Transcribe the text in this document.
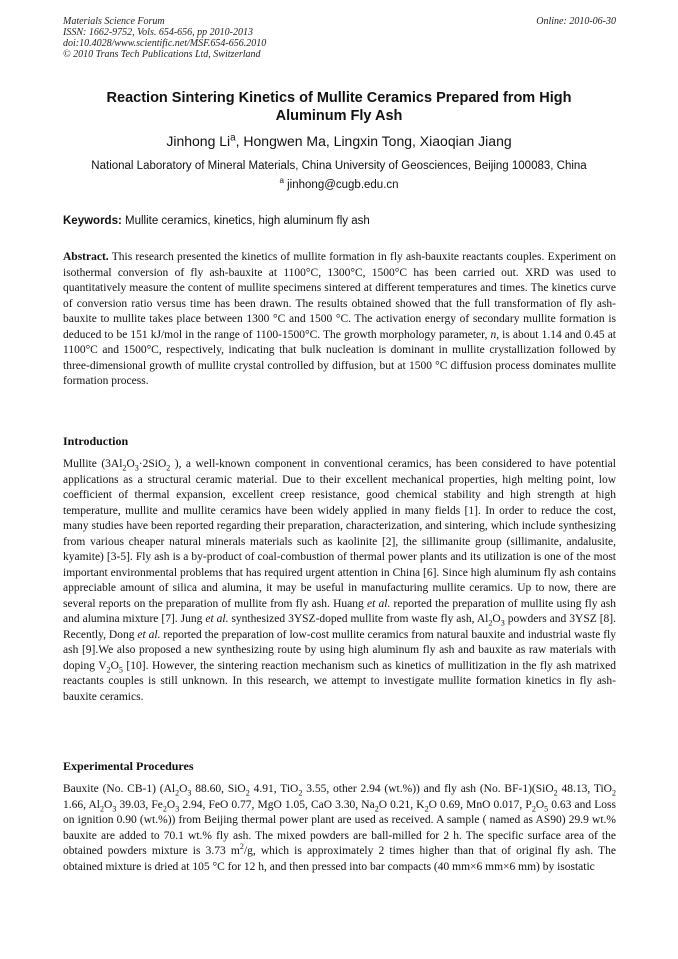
Materials Science Forum
ISSN: 1662-9752, Vols. 654-656, pp 2010-2013
doi:10.4028/www.scientific.net/MSF.654-656.2010
© 2010 Trans Tech Publications Ltd, Switzerland
Online: 2010-06-30
Reaction Sintering Kinetics of Mullite Ceramics Prepared from High Aluminum Fly Ash
Jinhong Li$^a$, Hongwen Ma, Lingxin Tong, Xiaoqian Jiang
National Laboratory of Mineral Materials, China University of Geosciences, Beijing 100083, China
$^a$ jinhong@cugb.edu.cn
Keywords: Mullite ceramics, kinetics, high aluminum fly ash
Abstract. This research presented the kinetics of mullite formation in fly ash-bauxite reactants couples. Experiment on isothermal conversion of fly ash-bauxite at 1100°C, 1300°C, 1500°C has been carried out. XRD was used to quantitatively measure the content of mullite specimens sintered at different temperatures and times. The kinetics curve of conversion ratio versus time has been drawn. The results obtained showed that the full transformation of fly ash-bauxite to mullite takes place between 1300 °C and 1500 °C. The activation energy of secondary mullite formation is deduced to be 151 kJ/mol in the range of 1100-1500°C. The growth morphology parameter, n, is about 1.14 and 0.45 at 1100°C and 1500°C, respectively, indicating that bulk nucleation is dominant in mullite crystallization followed by three-dimensional growth of mullite crystal controlled by diffusion, but at 1500 °C diffusion process dominates mullite formation process.
Introduction
Mullite ($3Al_2O_3\cdot 2SiO_2$ ), a well-known component in conventional ceramics, has been considered to have potential applications as a structural ceramic material. Due to their excellent mechanical properties, high melting point, low coefficient of thermal expansion, excellent creep resistance, good chemical stability and high strength at high temperature, mullite and mullite ceramics have been widely applied in many fields [1]. In order to reduce the cost, many studies have been reported regarding their preparation, characterization, and sintering, which include synthesizing from various cheaper natural minerals materials such as kaolinite [2], the sillimanite group (sillimanite, andalusite, kyamite) [3-5]. Fly ash is a by-product of coal-combustion of thermal power plants and its utilization is one of the most important environmental problems that has required urgent attention in China [6]. Since high aluminum fly ash contains appreciable amount of silica and alumina, it may be useful in manufacturing mullite ceramics. Up to now, there are several reports on the preparation of mullite from fly ash. Huang et al. reported the preparation of mullite using fly ash and alumina mixture [7]. Jung et al. synthesized 3YSZ-doped mullite from waste fly ash, $Al_2O_3$ powders and 3YSZ [8]. Recently, Dong et al. reported the preparation of low-cost mullite ceramics from natural bauxite and industrial waste fly ash [9].We also proposed a new synthesizing route by using high aluminum fly ash and bauxite as raw materials with doping $V_2O_5$ [10]. However, the sintering reaction mechanism such as kinetics of mullitization in the fly ash matrixed reactants couples is still unknown. In this research, we attempt to investigate mullite formation kinetics in fly ash-bauxite ceramics.
Experimental Procedures
Bauxite (No. CB-1) ($Al_2O_3$ 88.60, SiO$_2$ 4.91, TiO$_2$ 3.55, other 2.94 (wt.%)) and fly ash (No. BF-1)(SiO$_2$ 48.13, TiO$_2$ 1.66, $Al_2O_3$ 39.03, $Fe_2O_3$ 2.94, FeO 0.77, MgO 1.05, CaO 3.30, $Na_2O$ 0.21, $K_2O$ 0.69, MnO 0.017, $P_2O_5$ 0.63 and Loss on ignition 0.90 (wt.%)) from Beijing thermal power plant are used as received. A sample ( named as AS90) 29.9 wt.% bauxite are added to 70.1 wt.% fly ash. The mixed powders are ball-milled for 2 h. The specific surface area of the obtained powders mixture is 3.73 $m^2/g$, which is approximately 2 times higher than that of original fly ash. The obtained mixture is dried at 105 °C for 12 h, and then pressed into bar compacts (40 mm×6 mm×6 mm) by isostatic
